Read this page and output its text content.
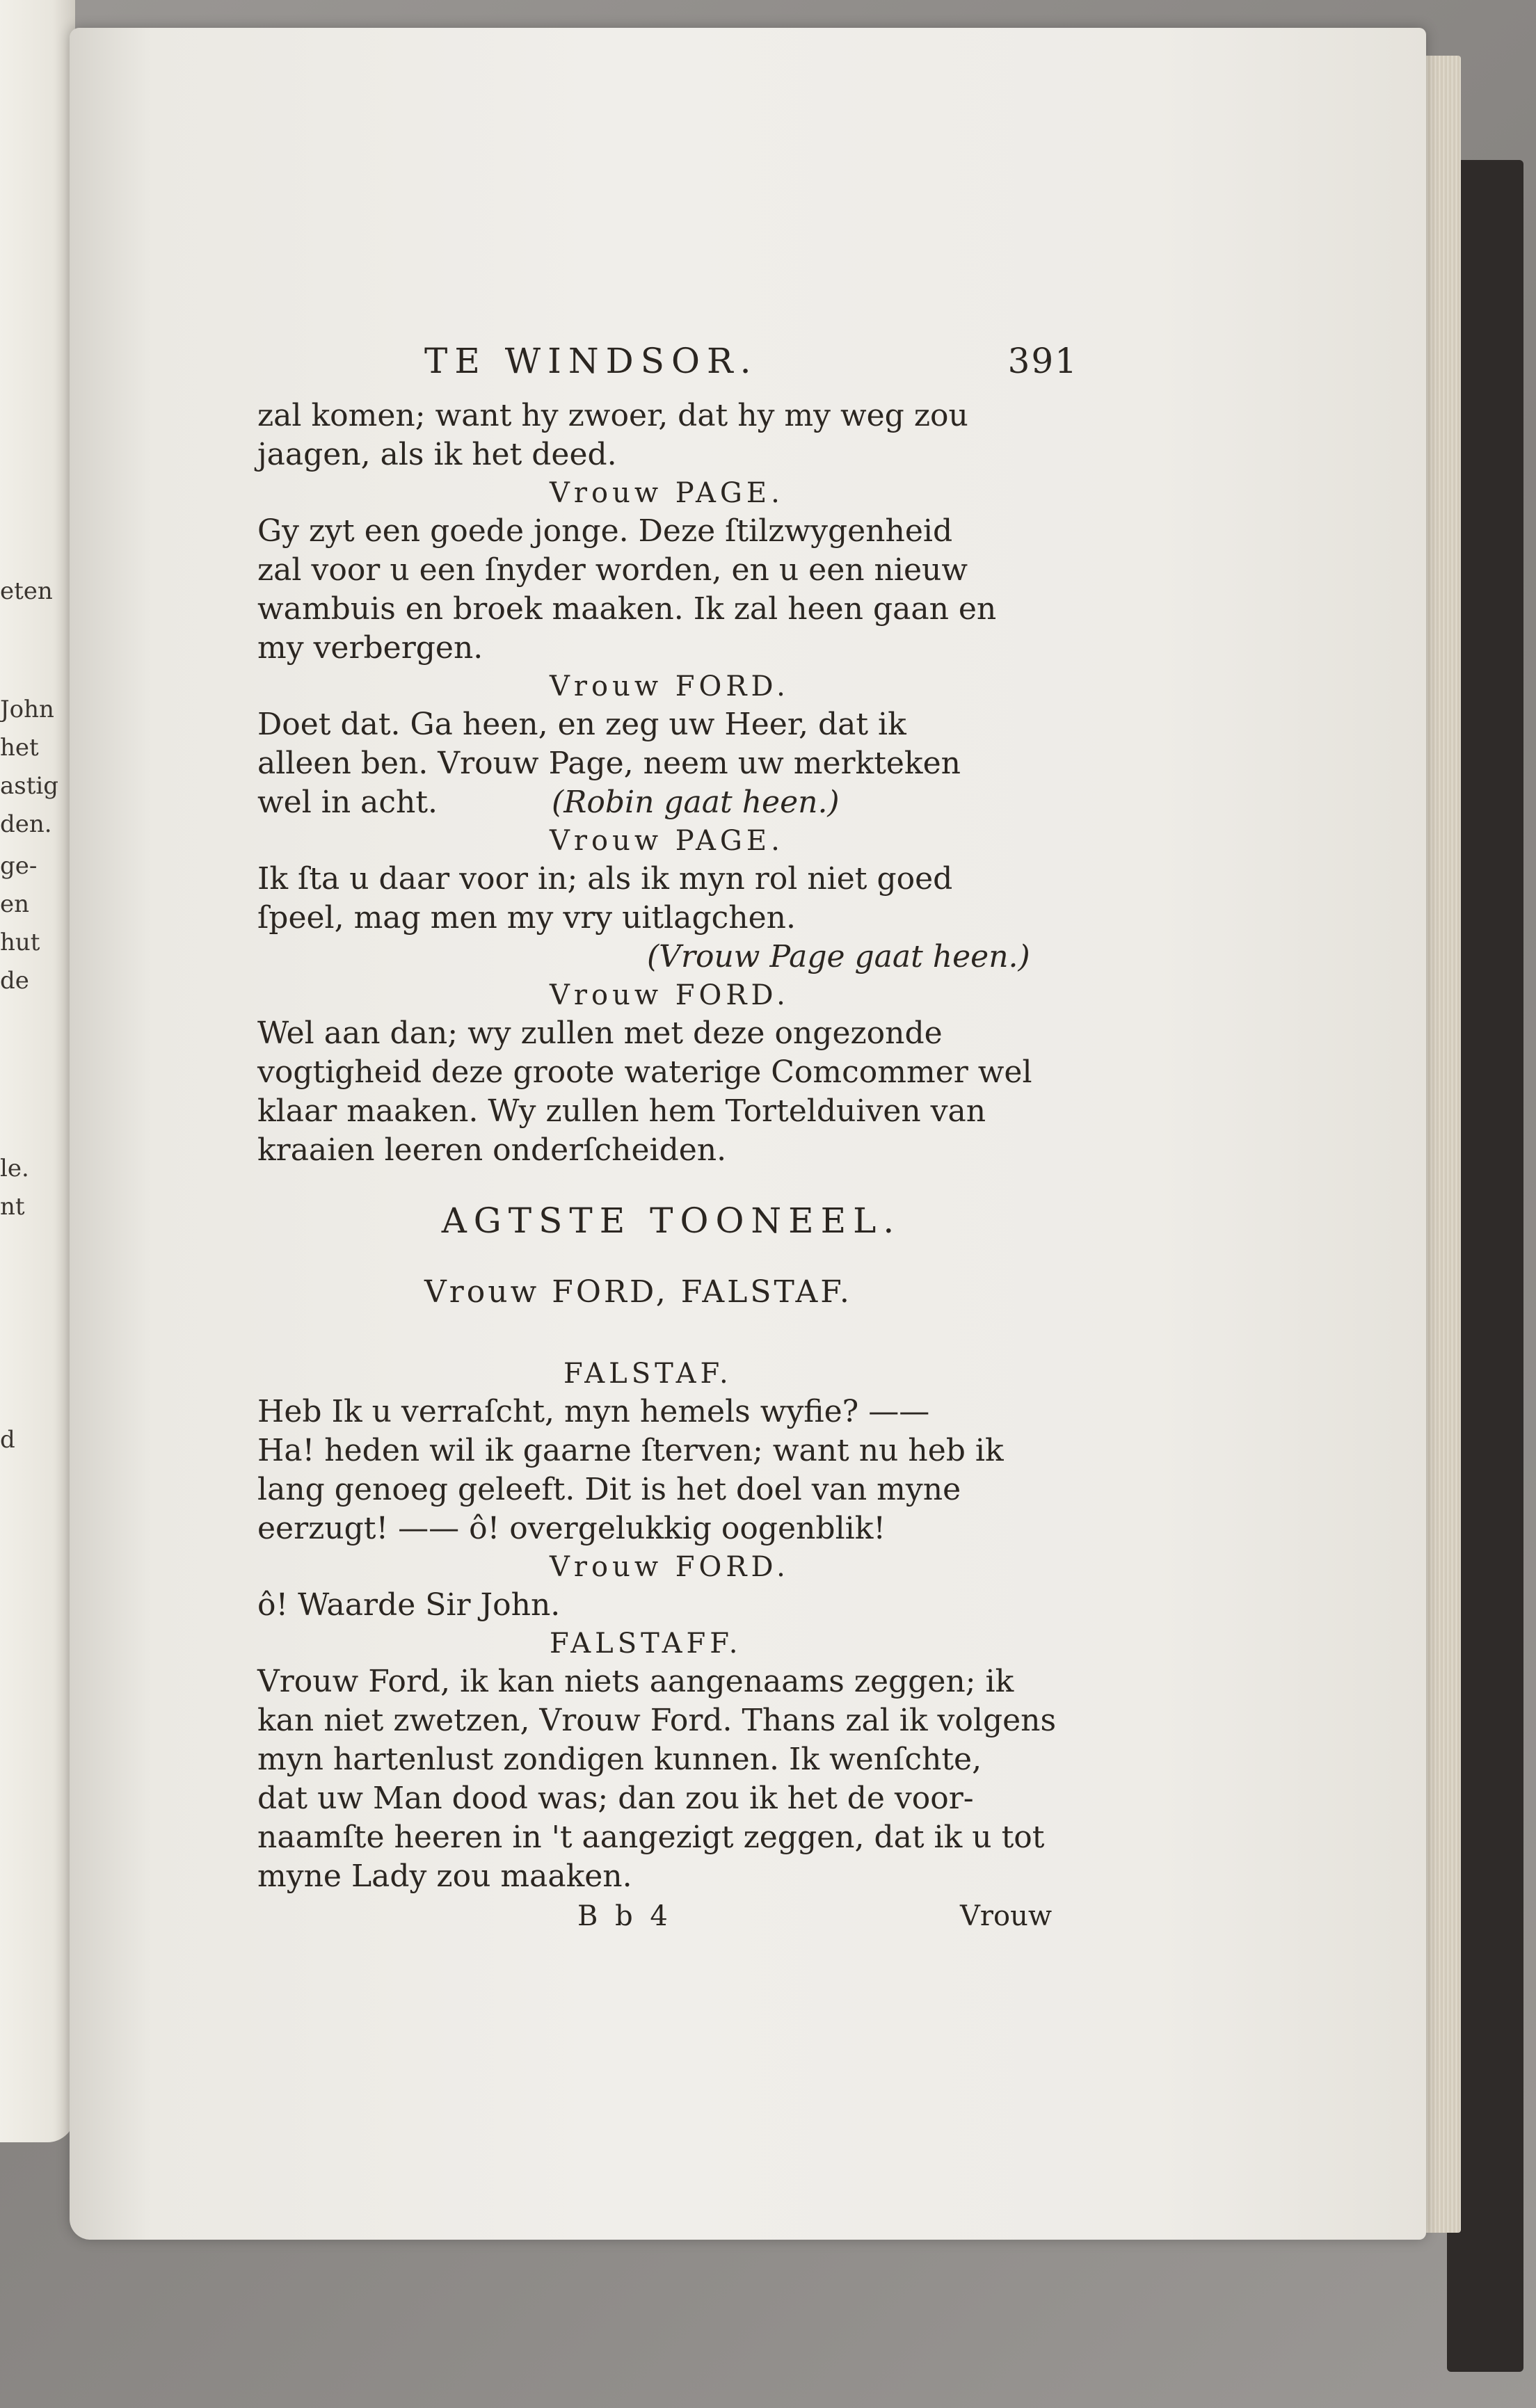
eten
John
het
astig
den.
ge-
en
hut
de
le.
nt
d
TE WINDSOR.	391
zal komen; want hy zwoer, dat hy my weg zou
jaagen, als ik het deed.
Vrouw PAGE.
Gy zyt een goede jonge. Deze ſtilzwygenheid
zal voor u een ſnyder worden, en u een nieuw
wambuis en broek maaken. Ik zal heen gaan en
my verbergen.
Vrouw FORD.
Doet dat. Ga heen, en zeg uw Heer, dat ik
alleen ben. Vrouw Page, neem uw merkteken
wel in acht.	(Robin gaat heen.)
Vrouw PAGE.
Ik ſta u daar voor in; als ik myn rol niet goed
ſpeel, mag men my vry uitlagchen.
(Vrouw Page gaat heen.)
Vrouw FORD.
Wel aan dan; wy zullen met deze ongezonde
vogtigheid deze groote waterige Comcommer wel
klaar maaken. Wy zullen hem Tortelduiven van
kraaien leeren onderſcheiden.
AGTSTE TOONEEL.
Vrouw FORD, FALSTAF.
FALSTAF.
Heb Ik u verraſcht, myn hemels wyfie? ——
Ha! heden wil ik gaarne ſterven; want nu heb ik
lang genoeg geleeft. Dit is het doel van myne
eerzugt! —— ô! overgelukkig oogenblik!
Vrouw FORD.
ô! Waarde Sir John.
FALSTAFF.
Vrouw Ford, ik kan niets aangenaams zeggen; ik
kan niet zwetzen, Vrouw Ford. Thans zal ik volgens
myn hartenlust zondigen kunnen. Ik wenſchte,
dat uw Man dood was; dan zou ik het de voor-
naamſte heeren in 't aangezigt zeggen, dat ik u tot
myne Lady zou maaken.
B b 4	Vrouw
